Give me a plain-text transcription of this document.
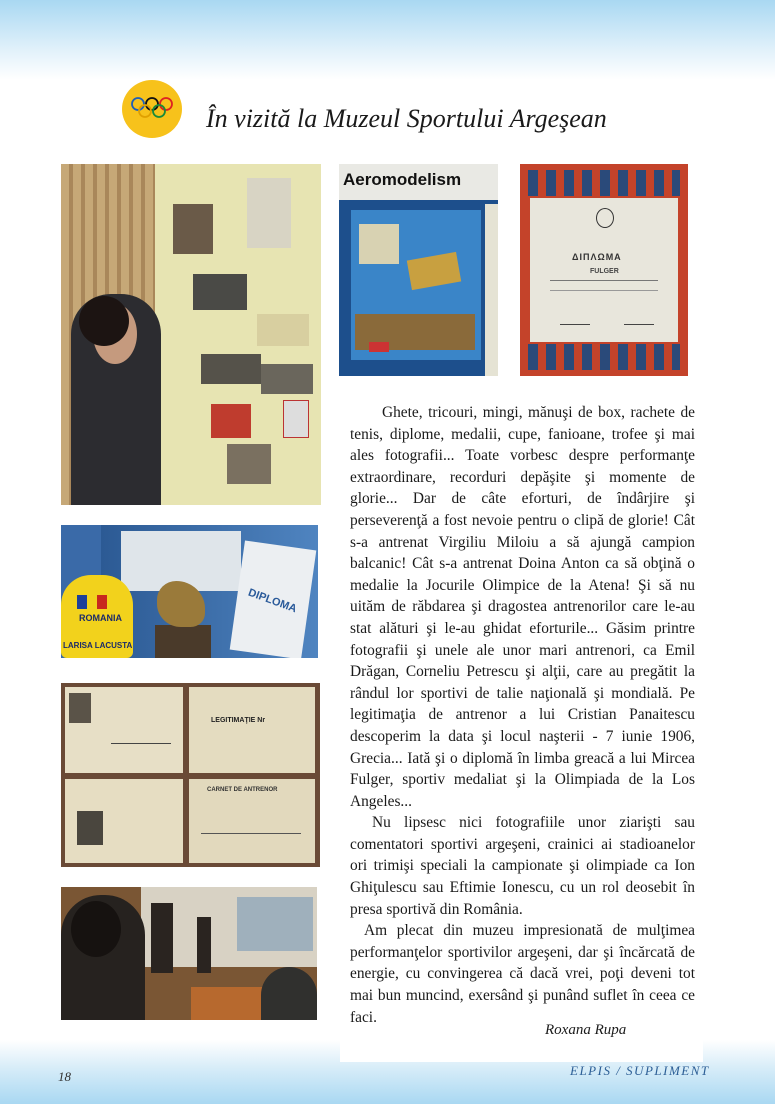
În vizită la Muzeul Sportului Argeşean
Aeromodelism
ΔΙΠΛΩΜΑ
FULGER
ROMANIA
LARISA LACUSTA
DIPLOMA
LEGITIMAŢIE Nr
CARNET DE ANTRENOR

Ghete, tricouri, mingi, mănuşi de box, rachete de tenis, diplome, medalii, cupe, fanioane, trofee şi mai ales fotografii... Toate vorbesc despre performanţe extraordinare, recorduri depăşite şi momente de glorie... Dar de câte eforturi, de îndârjire şi perseverenţă a fost nevoie pentru o clipă de glorie! Cât s-a antrenat Virgiliu Miloiu a să ajungă campion balcanic! Cât s-a antrenat Doina Anton ca să obţină o medalie la Jocurile Olimpice de la Atena! Şi să nu uităm de răbdarea şi dragostea antrenorilor care le-au stat alături şi le-au ghidat eforturile... Găsim printre fotografii şi unele ale unor mari antrenori, ca Emil Drăgan, Corneliu Petrescu şi alţii, care au pregătit la rândul lor sportivi de talie naţională şi mondială. Pe legitimaţia de antrenor a lui Cristian Panaitescu descoperim la data şi locul naşterii - 7 iunie 1906, Grecia... Iată şi o diplomă în limba greacă a lui Mircea Fulger, sportiv medaliat şi la Olimpiada de la Los Angeles...

Nu lipsesc nici fotografiile unor ziarişti sau comentatori sportivi argeşeni, crainici ai stadioanelor ori trimişi speciali la campionate şi olimpiade ca Ion Ghiţulescu sau Eftimie Ionescu, cu un rol deosebit în presa sportivă din România.

Am plecat din muzeu impresionată de mulţimea performanţelor sportivilor argeşeni, dar şi încărcată de energie, cu convingerea că dacă vrei, poţi deveni tot mai bun muncind, exersând şi punând suflet în ceea ce faci.

Roxana Rupa
18	ELPIS / SUPLIMENT
